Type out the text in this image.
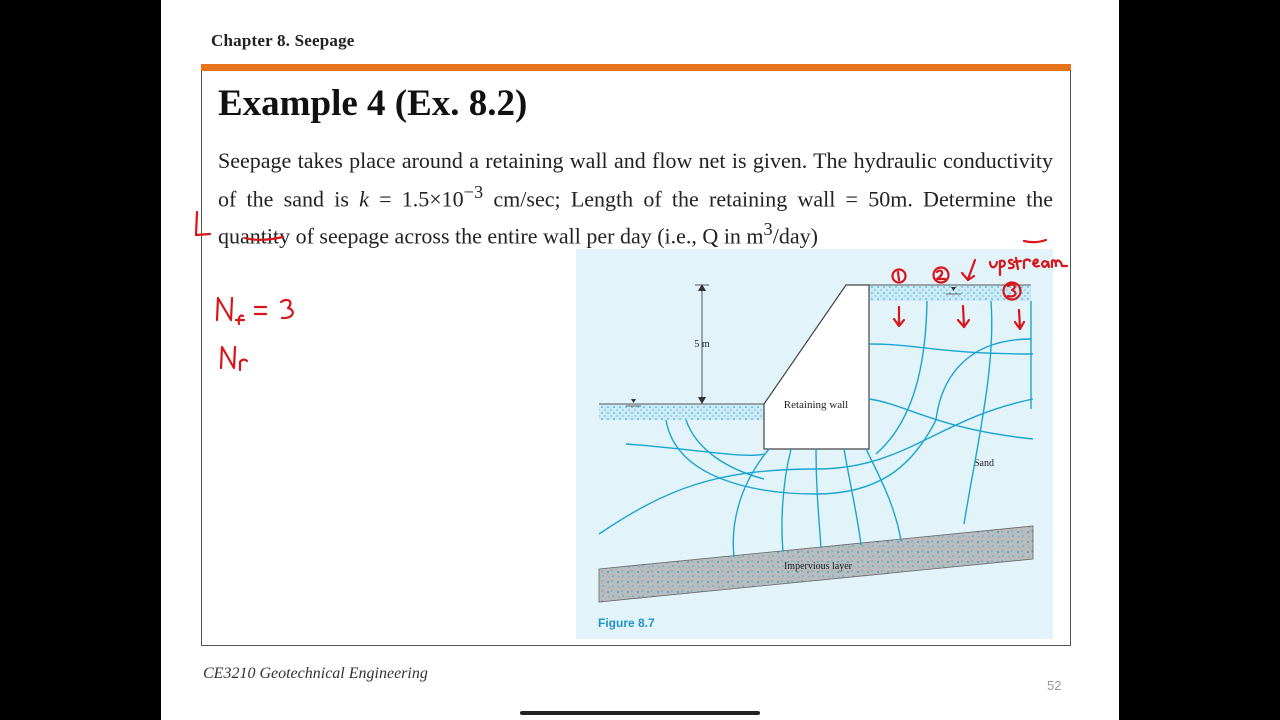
Chapter 8. Seepage
Example 4 (Ex. 8.2)
Seepage takes place around a retaining wall and flow net is given. The hydraulic conductivity of the sand is $k = 1.5\times 10^{-3}$ cm/sec; Length of the retaining wall = 50m. Determine the quantity of seepage across the entire wall per day (i.e., Q in $m^3/day$)
Retaining wall
5 m
Impervious layer
Sand
Figure 8.7
CE3210 Geotechnical Engineering
52
